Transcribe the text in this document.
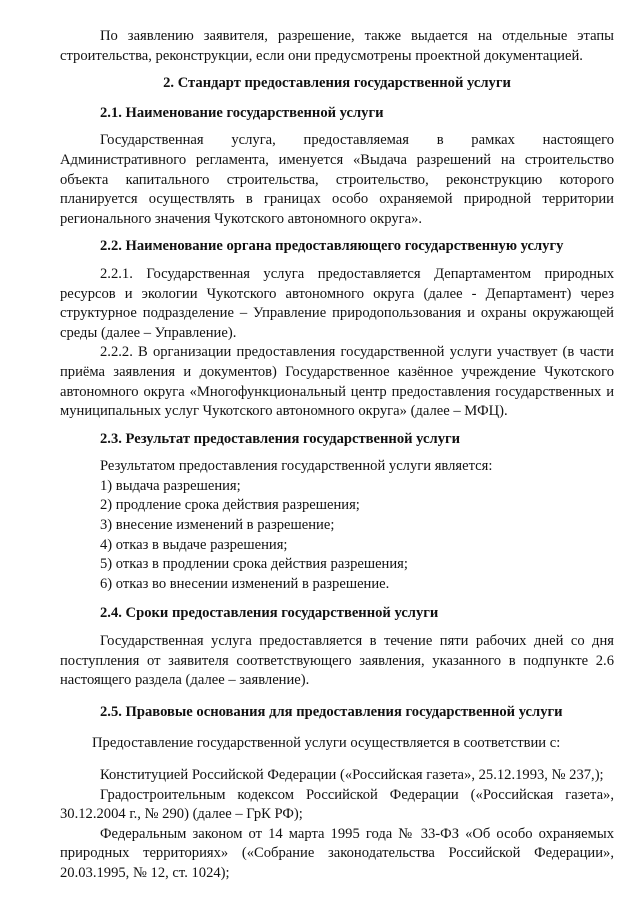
По заявлению заявителя, разрешение, также выдается на отдельные этапы строительства, реконструкции, если они предусмотрены проектной документацией.

2. Стандарт предоставления государственной услуги
2.1. Наименование государственной услуги

Государственная услуга, предоставляемая в рамках настоящего Административного регламента, именуется «Выдача разрешений на строительство объекта капитального строительства, строительство, реконструкцию которого планируется осуществлять в границах особо охраняемой природной территории регионального значения Чукотского автономного округа».

2.2. Наименование органа предоставляющего государственную услугу

2.2.1. Государственная услуга предоставляется Департаментом природных ресурсов и экологии Чукотского автономного округа (далее - Департамент) через структурное подразделение – Управление природопользования и охраны окружающей среды (далее – Управление).

2.2.2. В организации предоставления государственной услуги участвует (в части приёма заявления и документов) Государственное казённое учреждение Чукотского автономного округа «Многофункциональный центр предоставления государственных и муниципальных услуг Чукотского автономного округа» (далее – МФЦ).

2.3. Результат предоставления государственной услуги

Результатом предоставления государственной услуги является:

1) выдача разрешения;
2) продление срока действия разрешения;
3) внесение изменений в разрешение;
4) отказ в выдаче разрешения;
5) отказ в продлении срока действия разрешения;
6) отказ во внесении изменений в разрешение.
2.4. Сроки предоставления государственной услуги

Государственная услуга предоставляется в течение пяти рабочих дней со дня поступления от заявителя соответствующего заявления, указанного в подпункте 2.6 настоящего раздела (далее – заявление).

2.5. Правовые основания для предоставления государственной услуги

Предоставление государственной услуги осуществляется в соответствии с:

Конституцией Российской Федерации («Российская газета», 25.12.1993, № 237,);

Градостроительным кодексом Российской Федерации («Российская газета», 30.12.2004 г., № 290) (далее – ГрК РФ);

Федеральным законом от 14 марта 1995 года № 33-ФЗ «Об особо охраняемых природных территориях» («Собрание законодательства Российской Федерации», 20.03.1995, № 12, ст. 1024);
